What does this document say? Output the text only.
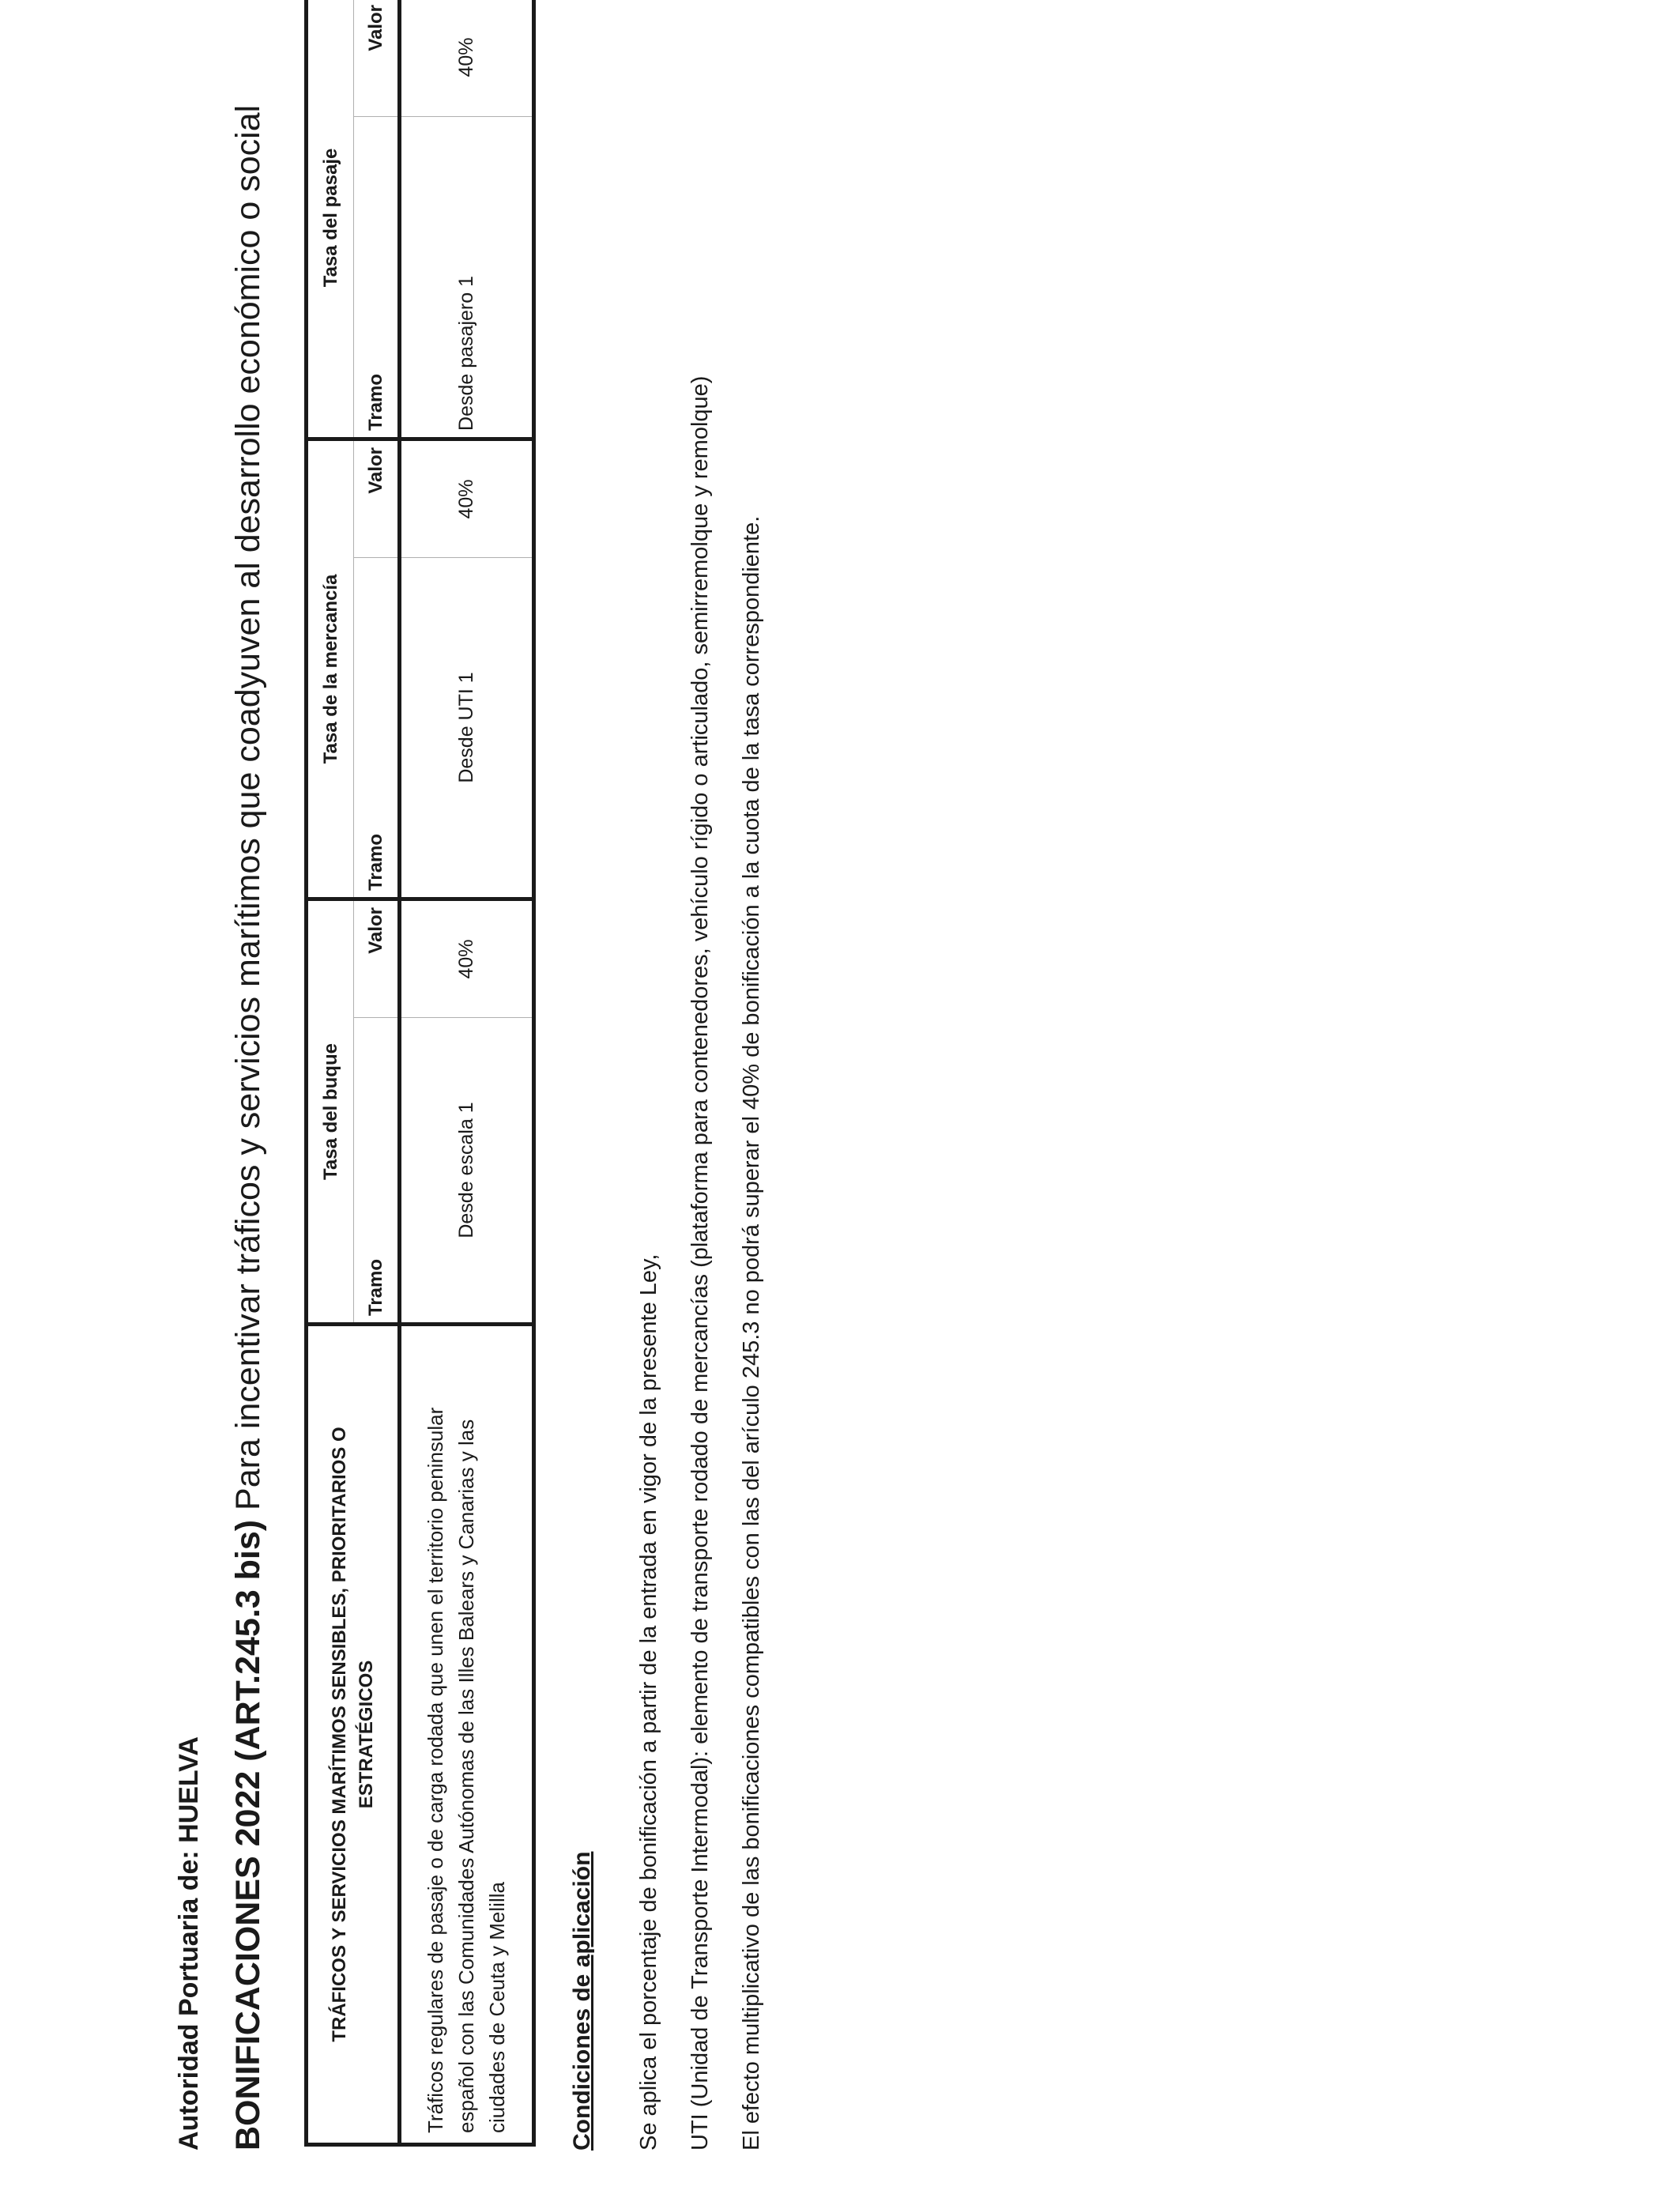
Autoridad Portuaria de: HUELVA BONIFICACIONES 2022 (ART.245.3 bis) Para incentivar tráficos y servicios marítimos que coadyuven al desarrollo económico o social
TRÁFICOS Y SERVICIOS MARÍTIMOS SENSIBLES, PRIORITARIOS O ESTRATÉGICOS	Tasa del buque		Tasa de la mercancía		Tasa del pasaje	
	Tramo	Valor	Tramo	Valor	Tramo	Valor
Tráficos regulares de pasaje o de carga rodada que unen el territorio peninsular español con las Comunidades Autónomas de las Illes Balears y Canarias y las ciudades de Ceuta y Melilla	Desde escala 1	40%	Desde UTI 1	40%	Desde pasajero 1	40%
Condiciones de aplicación Se aplica el porcentaje de bonificación a partir de la entrada en vigor de la presente Ley, UTI (Unidad de Transporte Intermodal): elemento de transporte rodado de mercancías (plataforma para contenedores, vehículo rígido o articulado, semirremolque y remolque) El efecto multiplicativo de las bonificaciones compatibles con las del arículo 245.3 no podrá superar el 40% de bonificación a la cuota de la tasa correspondiente.
